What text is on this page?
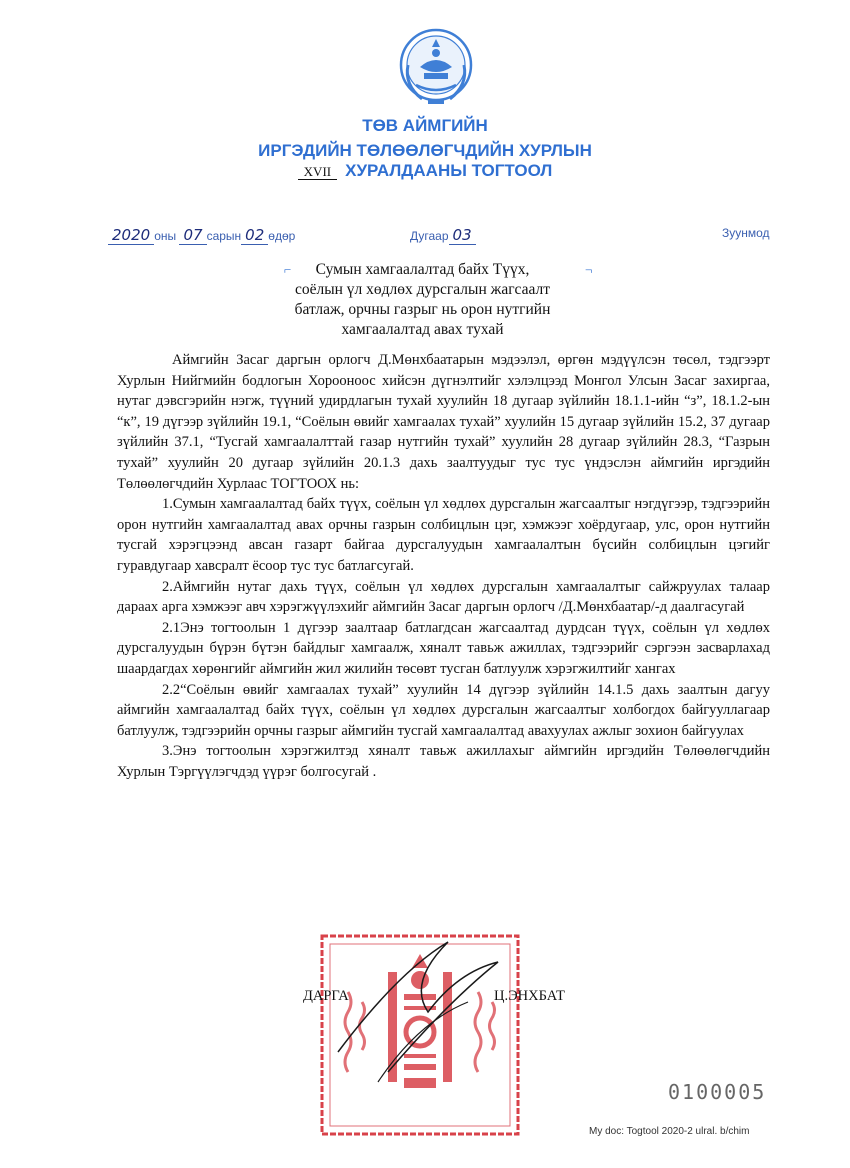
ТӨВ АЙМГИЙН
ИРГЭДИЙН ТӨЛӨӨЛӨГЧДИЙН ХУРЛЫН
XVII ХУРАЛДААНЫ ТОГТООЛ
2020 оны 07 сарын 02 өдөр	Дугаар 03	Зуунмод
⌐	¬
Сумын хамгаалалтад байх Түүх,
соёлын үл хөдлөх дурсгалын жагсаалт
батлаж, орчны газрыг нь орон нутгийн
хамгаалалтад авах тухай

Аймгийн Засаг даргын орлогч Д.Мөнхбаатарын мэдээлэл, өргөн мэдүүлсэн төсөл, тэдгээрт Хурлын Нийгмийн бодлогын Хорооноос хийсэн дүгнэлтийг хэлэлцээд Монгол Улсын Засаг захиргаа, нутаг дэвсгэрийн нэгж, түүний удирдлагын тухай хуулийн 18 дугаар зүйлийн 18.1.1-ийн “з”, 18.1.2-ын “к”, 19 дүгээр зүйлийн 19.1, “Соёлын өвийг хамгаалах тухай” хуулийн 15 дугаар зүйлийн 15.2, 37 дугаар зүйлийн 37.1, “Тусгай хамгаалалттай газар нутгийн тухай” хуулийн 28 дугаар зүйлийн 28.3, “Газрын тухай” хуулийн 20 дугаар зүйлийн 20.1.3 дахь заалтуудыг тус тус үндэслэн аймгийн иргэдийн Төлөөлөгчдийн Хурлаас ТОГТООХ нь:

1.Сумын хамгаалалтад байх түүх, соёлын үл хөдлөх дурсгалын жагсаалтыг нэгдүгээр, тэдгээрийн орон нутгийн хамгаалалтад авах орчны газрын солбицлын цэг, хэмжээг хоёрдугаар, улс, орон нутгийн тусгай хэрэгцээнд авсан газарт байгаа дурсгалуудын хамгаалалтын бүсийн солбицлын цэгийг гуравдугаар хавсралт ёсоор тус тус батлагсугай.

2.Аймгийн нутаг дахь түүх, соёлын үл хөдлөх дурсгалын хамгаалалтыг сайжруулах талаар дараах арга хэмжээг авч хэрэгжүүлэхийг аймгийн Засаг даргын орлогч /Д.Мөнхбаатар/-д даалгасугай

2.1Энэ тогтоолын 1 дүгээр заалтаар батлагдсан жагсаалтад дурдсан түүх, соёлын үл хөдлөх дурсгалуудын бүрэн бүтэн байдлыг хамгаалж, хяналт тавьж ажиллах, тэдгээрийг сэргээн засварлахад шаардагдах хөрөнгийг аймгийн жил жилийн төсөвт тусган батлуулж хэрэгжилтийг хангах

2.2“Соёлын өвийг хамгаалах тухай” хуулийн 14 дүгээр зүйлийн 14.1.5 дахь заалтын дагуу аймгийн хамгаалалтад байх түүх, соёлын үл хөдлөх дурсгалын жагсаалтыг холбогдох байгууллагаар батлуулж, тэдгээрийн орчны газрыг аймгийн тусгай хамгаалалтад авахуулах ажлыг зохион байгуулах

3.Энэ тогтоолын хэрэгжилтэд хяналт тавьж ажиллахыг аймгийн иргэдийн Төлөөлөгчдийн Хурлын Тэргүүлэгчдэд үүрэг болгосугай .

ДАРГА	Ц.ЭНХБАТ
0100005
My doc: Togtool 2020-2 ulral. b/chim
